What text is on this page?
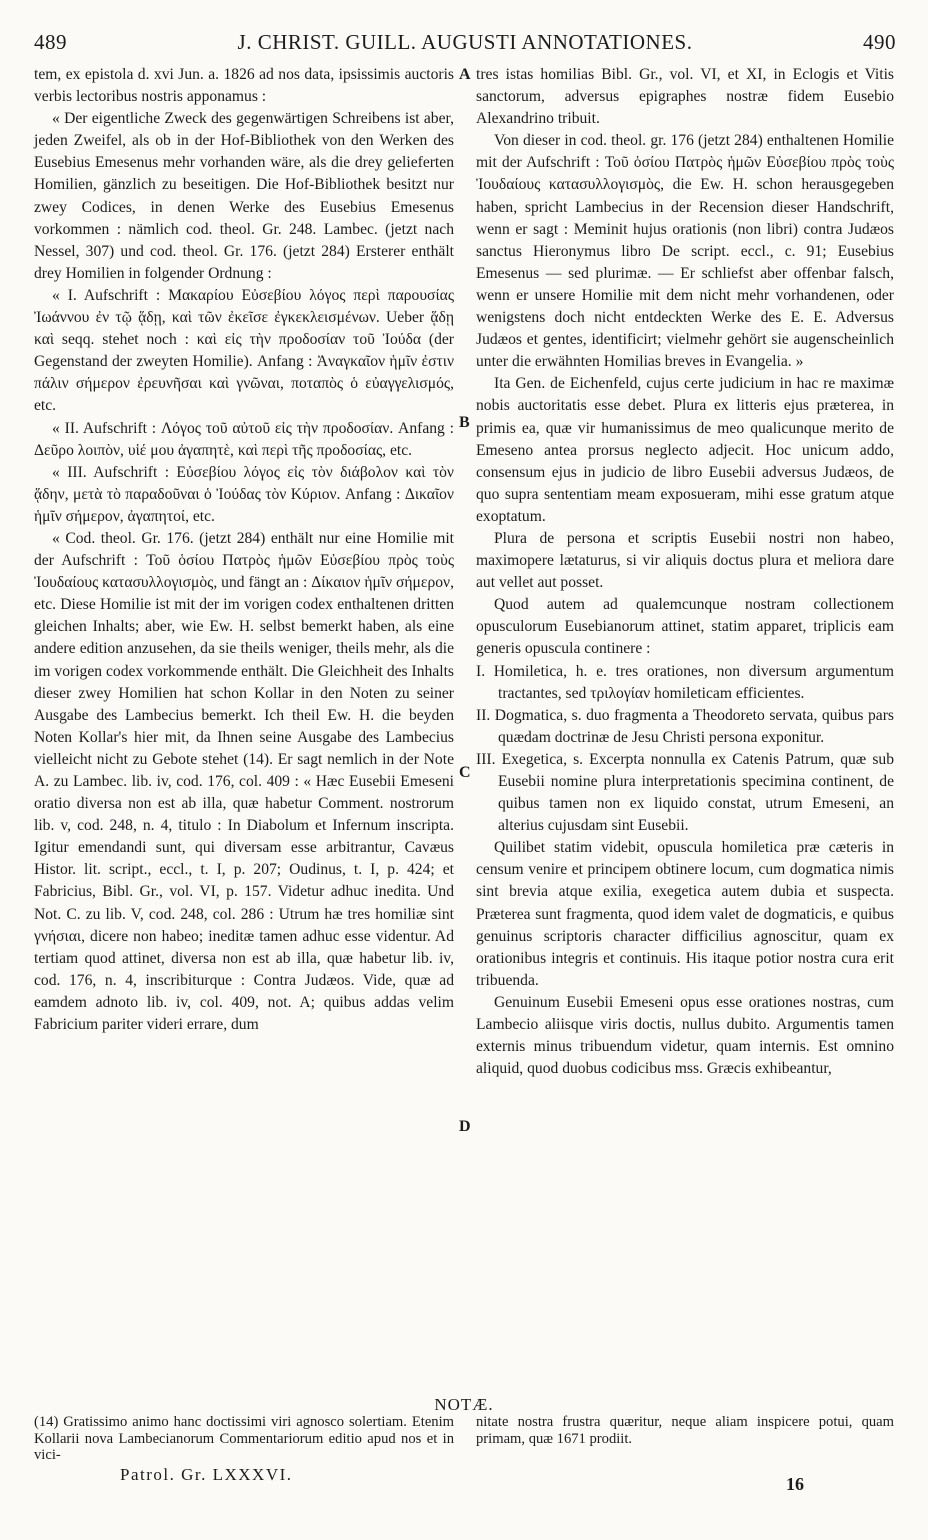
489	J. CHRIST. GUILL. AUGUSTI ANNOTATIONES.	490

tem, ex epistola d. xvi Jun. a. 1826 ad nos data, ipsissimis auctoris verbis lectoribus nostris apponamus :

« Der eigentliche Zweck des gegenwärtigen Schreibens ist aber, jeden Zweifel, als ob in der Hof-Bibliothek von den Werken des Eusebius Emesenus mehr vorhanden wäre, als die drey gelieferten Homilien, gänzlich zu beseitigen. Die Hof-Bibliothek besitzt nur zwey Codices, in denen Werke des Eusebius Emesenus vorkommen : nämlich cod. theol. Gr. 248. Lambec. (jetzt nach Nessel, 307) und cod. theol. Gr. 176. (jetzt 284) Ersterer enthält drey Homilien in folgender Ordnung :

« I. Aufschrift : Μακαρίου Εὐσεβίου λόγος περὶ παρουσίας Ἰωάννου ἐν τῷ ᾅδῃ, καὶ τῶν ἐκεῖσε ἐγκεκλεισμένων. Ueber ᾅδῃ καὶ seqq. stehet noch : καὶ εἰς τὴν προδοσίαν τοῦ Ἰούδα (der Gegenstand der zweyten Homilie). Anfang : Ἀναγκαῖον ἡμῖν ἐστιν πάλιν σήμερον ἐρευνῆσαι καὶ γνῶναι, ποταπὸς ὁ εὐαγγελισμός, etc.

« II. Aufschrift : Λόγος τοῦ αὐτοῦ εἰς τὴν προδοσίαν. Anfang : Δεῦρο λοιπὸν, υἱέ μου ἀγαπητὲ, καὶ περὶ τῆς προδοσίας, etc.

« III. Aufschrift : Εὐσεβίου λόγος εἰς τὸν διάβολον καὶ τὸν ᾅδην, μετὰ τὸ παραδοῦναι ὁ Ἰούδας τὸν Κύριον. Anfang : Δικαῖον ἡμῖν σήμερον, ἀγαπητοί, etc.

« Cod. theol. Gr. 176. (jetzt 284) enthält nur eine Homilie mit der Aufschrift : Τοῦ ὁσίου Πατρὸς ἡμῶν Εὐσεβίου πρὸς τοὺς Ἰουδαίους κατασυλλογισμὸς, und fängt an : Δίκαιον ἡμῖν σήμερον, etc. Diese Homilie ist mit der im vorigen codex enthaltenen dritten gleichen Inhalts; aber, wie Ew. H. selbst bemerkt haben, als eine andere edition anzusehen, da sie theils weniger, theils mehr, als die im vorigen codex vorkommende enthält. Die Gleichheit des Inhalts dieser zwey Homilien hat schon Kollar in den Noten zu seiner Ausgabe des Lambecius bemerkt. Ich theil Ew. H. die beyden Noten Kollar's hier mit, da Ihnen seine Ausgabe des Lambecius vielleicht nicht zu Gebote stehet (14). Er sagt nemlich in der Note A. zu Lambec. lib. iv, cod. 176, col. 409 : « Hæc Eusebii Emeseni oratio diversa non est ab illa, quæ habetur Comment. nostrorum lib. v, cod. 248, n. 4, titulo : In Diabolum et Infernum inscripta. Igitur emendandi sunt, qui diversam esse arbitrantur, Cavæus Histor. lit. script., eccl., t. I, p. 207; Oudinus, t. I, p. 424; et Fabricius, Bibl. Gr., vol. VI, p. 157. Videtur adhuc inedita. Und Not. C. zu lib. V, cod. 248, col. 286 : Utrum hæ tres homiliæ sint γνήσιαι, dicere non habeo; ineditæ tamen adhuc esse videntur. Ad tertiam quod attinet, diversa non est ab illa, quæ habetur lib. iv, cod. 176, n. 4, inscribiturque : Contra Judæos. Vide, quæ ad eamdem adnoto lib. iv, col. 409, not. A; quibus addas velim Fabricium pariter videri errare, dum

A
B
C
D

tres istas homilias Bibl. Gr., vol. VI, et XI, in Eclogis et Vitis sanctorum, adversus epigraphes nostræ fidem Eusebio Alexandrino tribuit.

Von dieser in cod. theol. gr. 176 (jetzt 284) enthaltenen Homilie mit der Aufschrift : Τοῦ ὁσίου Πατρὸς ἡμῶν Εὐσεβίου πρὸς τοὺς Ἰουδαίους κατασυλλογισμὸς, die Ew. H. schon herausgegeben haben, spricht Lambecius in der Recension dieser Handschrift, wenn er sagt : Meminit hujus orationis (non libri) contra Judæos sanctus Hieronymus libro De script. eccl., c. 91; Eusebius Emesenus — sed plurimæ. — Er schliefst aber offenbar falsch, wenn er unsere Homilie mit dem nicht mehr vorhandenen, oder wenigstens doch nicht entdeckten Werke des E. E. Adversus Judæos et gentes, identificirt; vielmehr gehört sie augenscheinlich unter die erwähnten Homilias breves in Evangelia. »

Ita Gen. de Eichenfeld, cujus certe judicium in hac re maximæ nobis auctoritatis esse debet. Plura ex litteris ejus præterea, in primis ea, quæ vir humanissimus de meo qualicunque merito de Emeseno antea prorsus neglecto adjecit. Hoc unicum addo, consensum ejus in judicio de libro Eusebii adversus Judæos, de quo supra sententiam meam exposueram, mihi esse gratum atque exoptatum.

Plura de persona et scriptis Eusebii nostri non habeo, maximopere lætaturus, si vir aliquis doctus plura et meliora dare aut vellet aut posset.

Quod autem ad qualemcunque nostram collectionem opusculorum Eusebianorum attinet, statim apparet, triplicis eam generis opuscula continere :

I. Homiletica, h. e. tres orationes, non diversum argumentum tractantes, sed τριλογίαν homileticam efficientes.

II. Dogmatica, s. duo fragmenta a Theodoreto servata, quibus pars quædam doctrinæ de Jesu Christi persona exponitur.

III. Exegetica, s. Excerpta nonnulla ex Catenis Patrum, quæ sub Eusebii nomine plura interpretationis specimina continent, de quibus tamen non ex liquido constat, utrum Emeseni, an alterius cujusdam sint Eusebii.

Quilibet statim videbit, opuscula homiletica præ cæteris in censum venire et principem obtinere locum, cum dogmatica nimis sint brevia atque exilia, exegetica autem dubia et suspecta. Præterea sunt fragmenta, quod idem valet de dogmaticis, e quibus genuinus scriptoris character difficilius agnoscitur, quam ex orationibus integris et continuis. His itaque potior nostra cura erit tribuenda.

Genuinum Eusebii Emeseni opus esse orationes nostras, cum Lambecio aliisque viris doctis, nullus dubito. Argumentis tamen externis minus tribuendum videtur, quam internis. Est omnino aliquid, quod duobus codicibus mss. Græcis exhibeantur,

NOTÆ.

(14) Gratissimo animo hanc doctissimi viri agnosco solertiam. Etenim Kollarii nova Lambecianorum Commentariorum editio apud nos et in vici-

nitate nostra frustra quæritur, neque aliam inspicere potui, quam primam, quæ 1671 prodiit.

Patrol. Gr. LXXXVI.	16
